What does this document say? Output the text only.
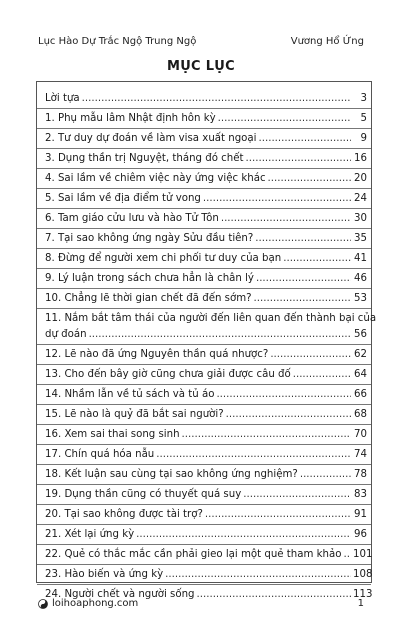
Lục Hào Dự Trắc Ngộ Trung Ngộ	Vương Hổ Ứng
MỤC LỤC
Lời tựa .....	3
1. Phụ mẫu lâm Nhật định hôn kỳ .....	5
2. Tư duy dự đoán về làm visa xuất ngoại .....	9
3. Dụng thần trị Nguyệt, tháng đó chết .....	16
4. Sai lầm về chiêm việc này ứng việc khác .....	20
5. Sai lầm về địa điểm tử vong .....	24
6. Tam giáo cửu lưu và hào Tử Tôn .....	30
7. Tại sao không ứng ngày Sửu đầu tiên? .....	35
8. Đừng để người xem chi phối tư duy của bạn .....	41
9. Lý luận trong sách chưa hẳn là chân lý .....	46
10. Chẳng lẽ thời gian chết đã đến sớm? .....	53
11. Nắm bắt tâm thái của người đến liên quan đến thành bại của
dự đoán .....	56
12. Lẽ nào đã ứng Nguyên thần quá nhược? .....	62
13. Cho đến bây giờ cũng chưa giải được câu đố .....	64
14. Nhầm lẫn về tủ sách và tủ áo .....	66
15. Lẽ nào là quỷ đã bắt sai người? .....	68
16. Xem sai thai song sinh .....	70
17. Chín quá hóa nẫu .....	74
18. Kết luận sau cùng tại sao không ứng nghiệm? .....	78
19. Dụng thần cũng có thuyết quá suy .....	83
20. Tại sao không được tài trợ? .....	91
21. Xét lại ứng kỳ .....	96
22. Quẻ có thắc mắc cần phải gieo lại một quẻ tham khảo ..... 101
23. Hào biến và ứng kỳ .....	108
24. Người chết và người sống .....	113
loihoaphong.com	1
